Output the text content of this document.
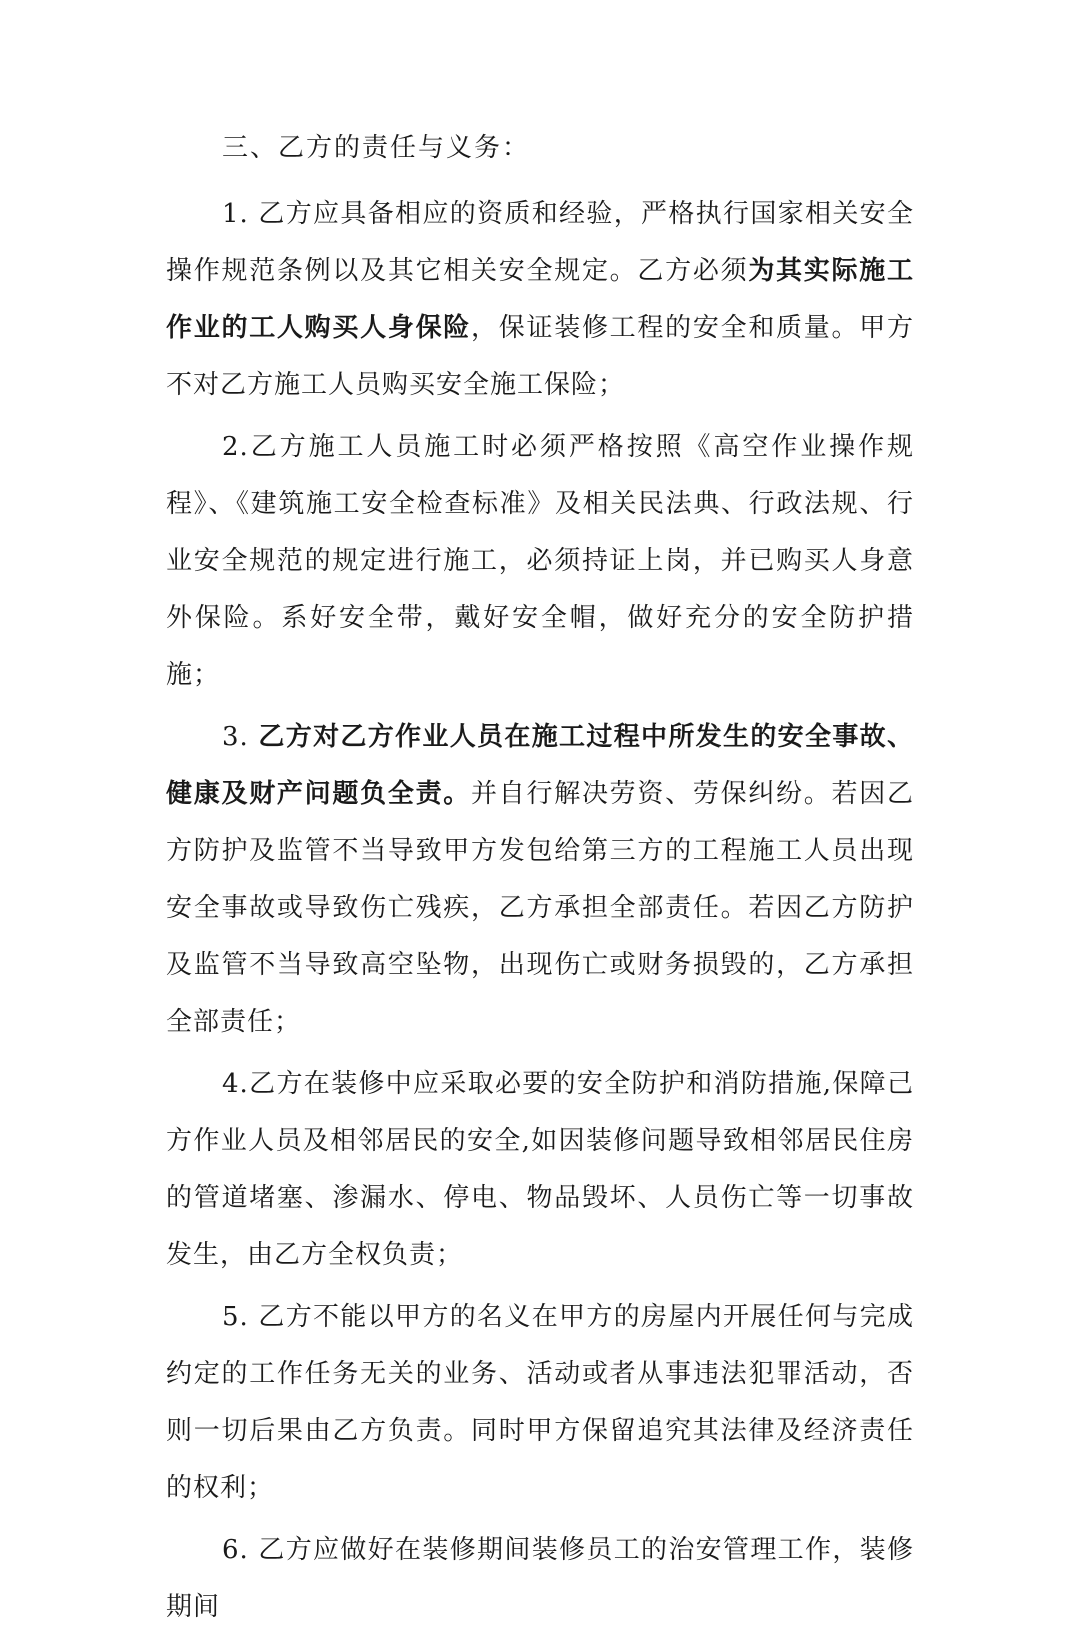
三、乙方的责任与义务：

1. 乙方应具备相应的资质和经验，严格执行国家相关安全操作规范条例以及其它相关安全规定。乙方必须为其实际施工作业的工人购买人身保险，保证装修工程的安全和质量。甲方不对乙方施工人员购买安全施工保险；

2.乙方施工人员施工时必须严格按照《高空作业操作规程》、《建筑施工安全检查标准》及相关民法典、行政法规、行业安全规范的规定进行施工，必须持证上岗，并已购买人身意外保险。系好安全带，戴好安全帽，做好充分的安全防护措施；

3. 乙方对乙方作业人员在施工过程中所发生的安全事故、健康及财产问题负全责。并自行解决劳资、劳保纠纷。若因乙方防护及监管不当导致甲方发包给第三方的工程施工人员出现安全事故或导致伤亡残疾，乙方承担全部责任。若因乙方防护及监管不当导致高空坠物，出现伤亡或财务损毁的，乙方承担全部责任；

4.乙方在装修中应采取必要的安全防护和消防措施,保障己方作业人员及相邻居民的安全,如因装修问题导致相邻居民住房的管道堵塞、渗漏水、停电、物品毁坏、人员伤亡等一切事故发生，由乙方全权负责；

5. 乙方不能以甲方的名义在甲方的房屋内开展任何与完成约定的工作任务无关的业务、活动或者从事违法犯罪活动，否则一切后果由乙方负责。同时甲方保留追究其法律及经济责任的权利；

6. 乙方应做好在装修期间装修员工的治安管理工作，装修期间
